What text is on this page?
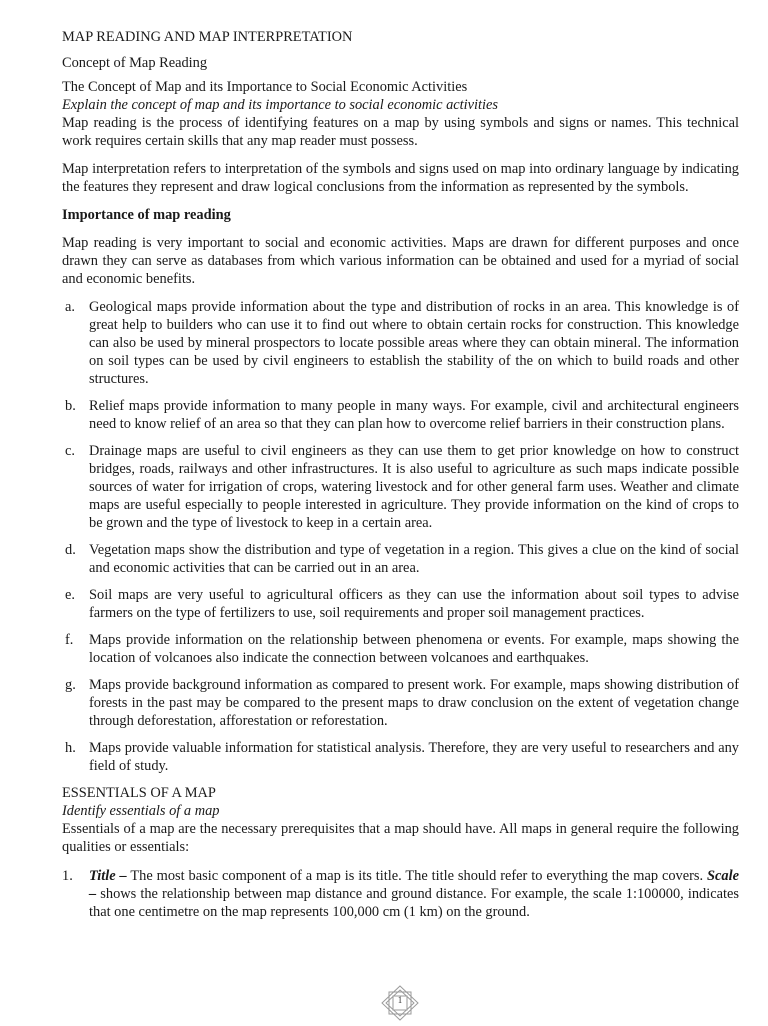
MAP READING AND MAP INTERPRETATION

Concept of Map Reading

The Concept of Map and its Importance to Social Economic Activities

Explain the concept of map and its importance to social economic activities

Map reading is the process of identifying features on a map by using symbols and signs or names. This technical work requires certain skills that any map reader must possess.

Map interpretation refers to interpretation of the symbols and signs used on map into ordinary language by indicating the features they represent and draw logical conclusions from the information as represented by the symbols.

Importance of map reading

Map reading is very important to social and economic activities. Maps are drawn for different purposes and once drawn they can serve as databases from which various information can be obtained and used for a myriad of social and economic benefits.

a. Geological maps provide information about the type and distribution of rocks in an area. This knowledge is of great help to builders who can use it to find out where to obtain certain rocks for construction. This knowledge can also be used by mineral prospectors to locate possible areas where they can obtain mineral. The information on soil types can be used by civil engineers to establish the stability of the on which to build roads and other structures.
b. Relief maps provide information to many people in many ways. For example, civil and architectural engineers need to know relief of an area so that they can plan how to overcome relief barriers in their construction plans.
c. Drainage maps are useful to civil engineers as they can use them to get prior knowledge on how to construct bridges, roads, railways and other infrastructures. It is also useful to agriculture as such maps indicate possible sources of water for irrigation of crops, watering livestock and for other general farm uses. Weather and climate maps are useful especially to people interested in agriculture. They provide information on the kind of crops to be grown and the type of livestock to keep in a certain area.
d. Vegetation maps show the distribution and type of vegetation in a region. This gives a clue on the kind of social and economic activities that can be carried out in an area.
e. Soil maps are very useful to agricultural officers as they can use the information about soil types to advise farmers on the type of fertilizers to use, soil requirements and proper soil management practices.
f. Maps provide information on the relationship between phenomena or events. For example, maps showing the location of volcanoes also indicate the connection between volcanoes and earthquakes.
g. Maps provide background information as compared to present work. For example, maps showing distribution of forests in the past may be compared to the present maps to draw conclusion on the extent of vegetation change through deforestation, afforestation or reforestation.
h. Maps provide valuable information for statistical analysis. Therefore, they are very useful to researchers and any field of study.

ESSENTIALS OF A MAP

Identify essentials of a map

Essentials of a map are the necessary prerequisites that a map should have. All maps in general require the following qualities or essentials:

1. Title – The most basic component of a map is its title. The title should refer to everything the map covers. Scale – shows the relationship between map distance and ground distance. For example, the scale 1:100000, indicates that one centimetre on the map represents 100,000 cm (1 km) on the ground.
1
